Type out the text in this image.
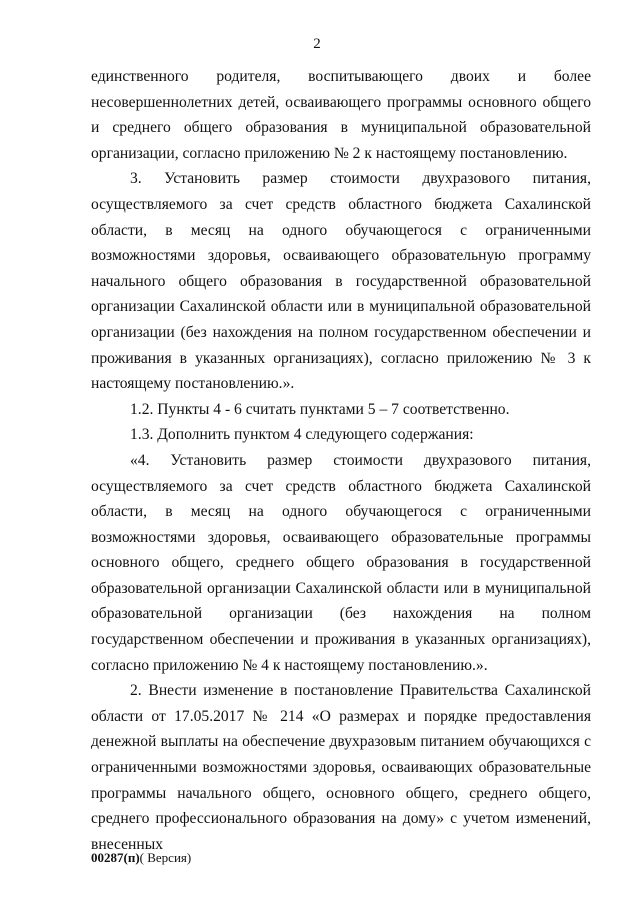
2

единственного родителя, воспитывающего двоих и более несовершеннолетних детей, осваивающего программы основного общего и среднего общего образования в муниципальной образовательной организации, согласно приложению № 2 к настоящему постановлению.

3. Установить размер стоимости двухразового питания, осуществляемого за счет средств областного бюджета Сахалинской области, в месяц на одного обучающегося с ограниченными возможностями здоровья, осваивающего образовательную программу начального общего образования в государственной образовательной организации Сахалинской области или в муниципальной образовательной организации (без нахождения на полном государственном обеспечении и проживания в указанных организациях), согласно приложению № 3 к настоящему постановлению.».

1.2. Пункты 4 - 6 считать пунктами 5 – 7 соответственно.

1.3. Дополнить пунктом 4 следующего содержания:

«4. Установить размер стоимости двухразового питания, осуществляемого за счет средств областного бюджета Сахалинской области, в месяц на одного обучающегося с ограниченными возможностями здоровья, осваивающего образовательные программы основного общего, среднего общего образования в государственной образовательной организации Сахалинской области или в муниципальной образовательной организации (без нахождения на полном государственном обеспечении и проживания в указанных организациях), согласно приложению № 4 к настоящему постановлению.».

2. Внести изменение в постановление Правительства Сахалинской области от 17.05.2017 № 214 «О размерах и порядке предоставления денежной выплаты на обеспечение двухразовым питанием обучающихся с ограниченными возможностями здоровья, осваивающих образовательные программы начального общего, основного общего, среднего общего, среднего профессионального образования на дому» с учетом изменений, внесенных

00287(п)( Версия)
